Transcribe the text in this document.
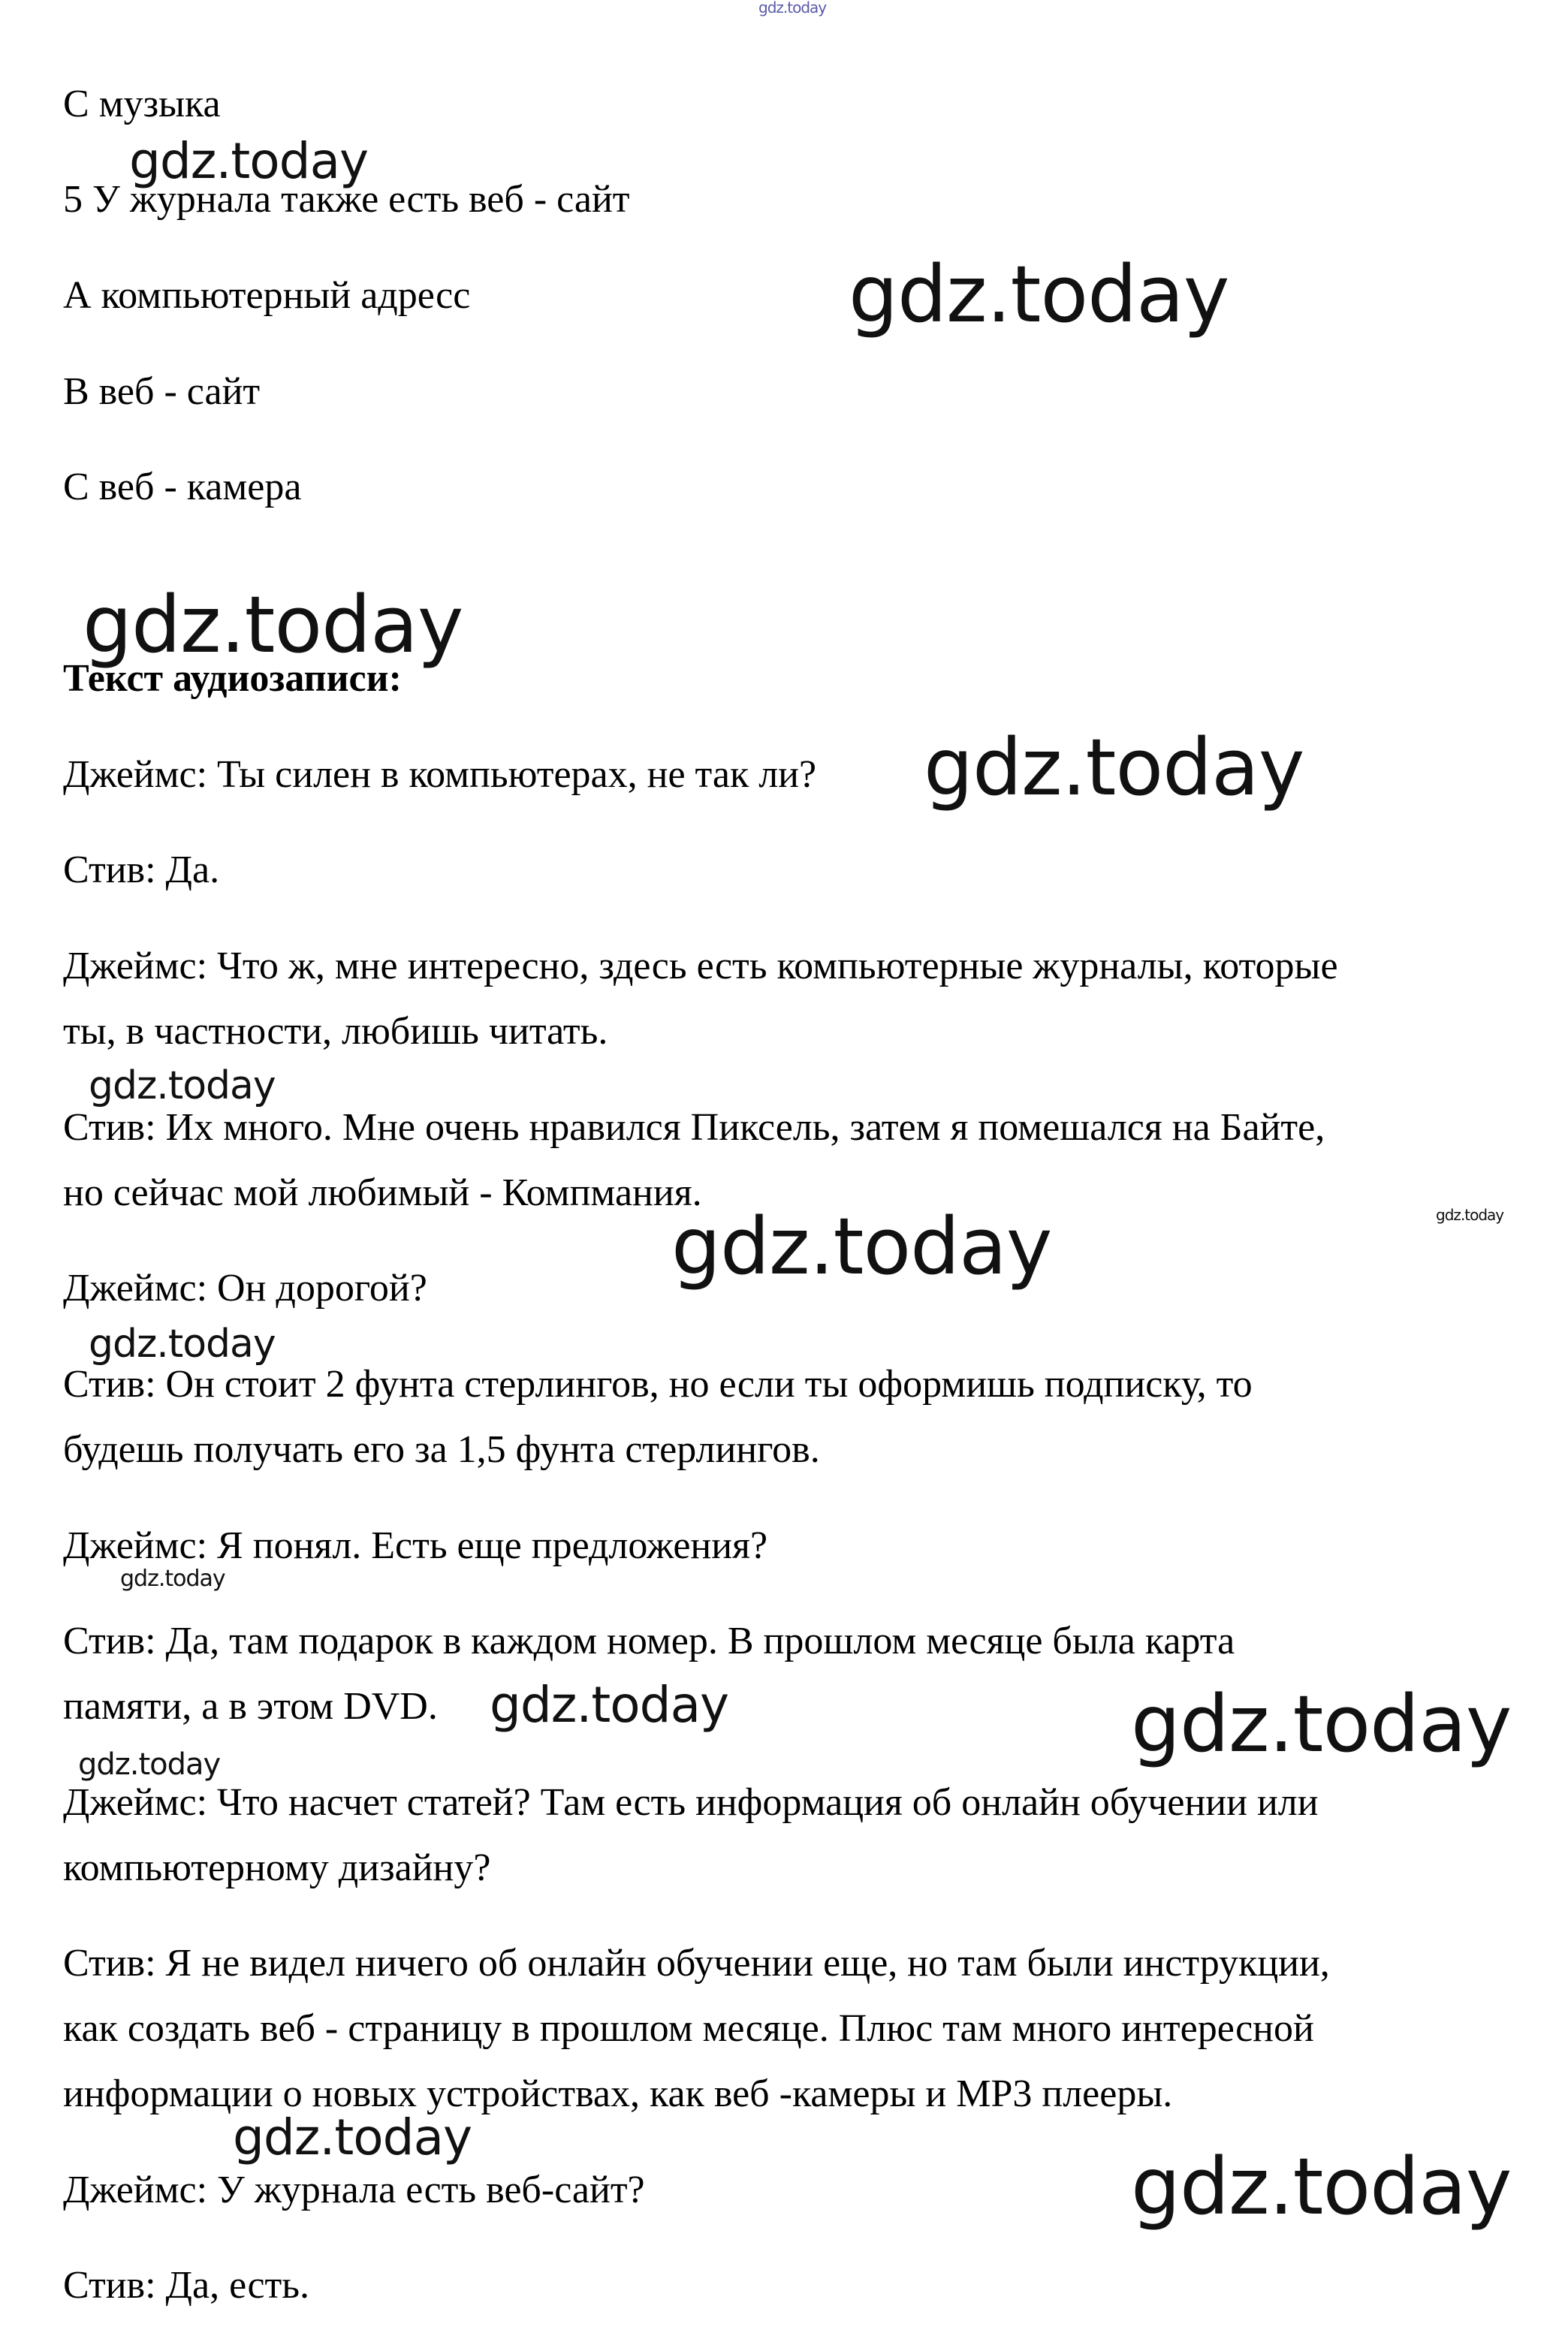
С музыка

5 У журнала также есть веб - сайт

А компьютерный адресс

В веб - сайт

С веб - камера

Текст аудиозаписи:

Джеймс: Ты силен в компьютерах, не так ли?

Стив: Да.

Джеймс: Что ж, мне интересно, здесь есть компьютерные журналы, которые

ты, в частности, любишь читать.

Стив: Их много. Мне очень нравился Пиксель, затем я помешался на Байте,

но сейчас мой любимый - Компмания.

Джеймс: Он дорогой?

Стив: Он стоит 2 фунта стерлингов, но если ты оформишь подписку, то

будешь получать его за 1,5 фунта стерлингов.

Джеймс: Я понял. Есть еще предложения?

Стив: Да, там подарок в каждом номер. В прошлом месяце была карта

памяти, а в этом DVD.

Джеймс: Что насчет статей? Там есть информация об онлайн обучении или

компьютерному дизайну?

Стив: Я не видел ничего об онлайн обучении еще, но там были инструкции,

как создать веб - страницу в прошлом месяце. Плюс там много интересной

информации о новых устройствах, как веб -камеры и MP3 плееры.

Джеймс: У журнала есть веб-сайт?

Стив: Да, есть.

gdz.today
gdz.today
gdz.today
gdz.today
gdz.today
gdz.today
gdz.today
gdz.today
gdz.today
gdz.today
gdz.today	gdz.today
gdz.today
gdz.today
gdz.today
